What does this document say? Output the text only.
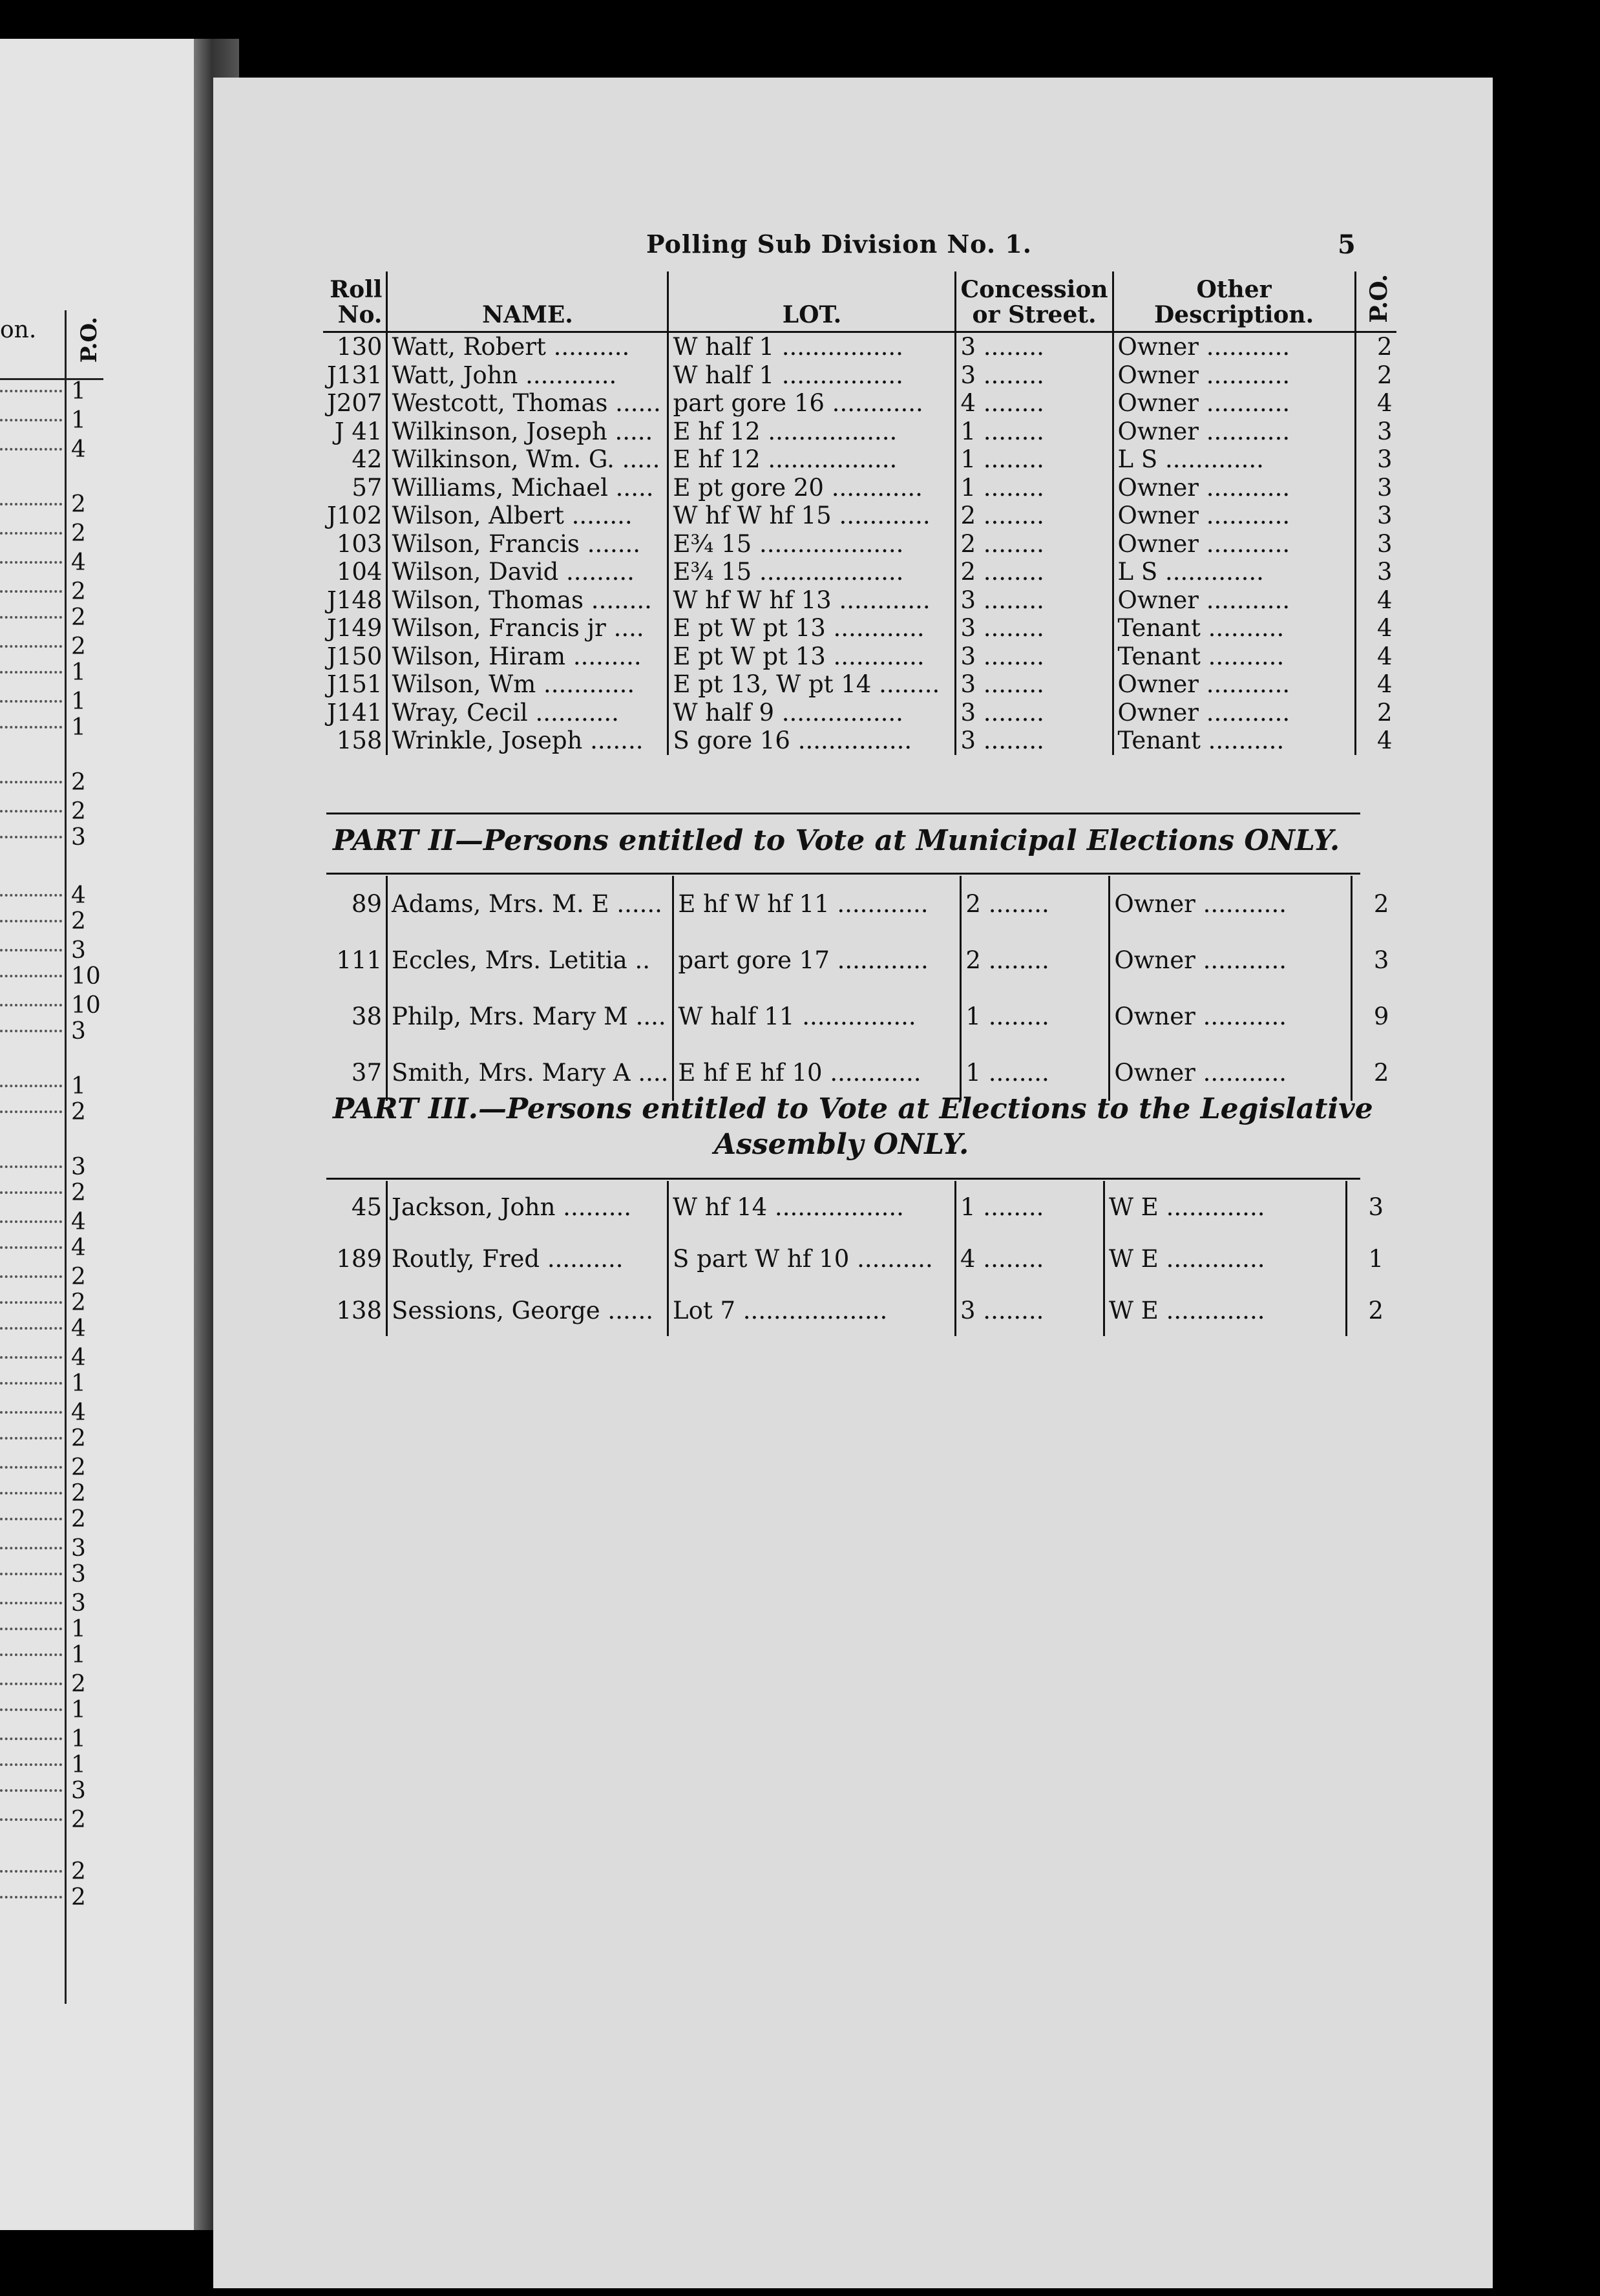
on. P.O.
1
1
4
2
2
4
2
2
2
1
1
1
2
2
3
4
2
3
10
10
3
1
2
3
2
4
4
2
2
4
4
1
4
2
2
2
2
3
3
3
1
1
2
1
1
1
3
2
2
2
Polling Sub Division No. 1.	5
Roll No.	NAME.	LOT.	Concession or Street.	Other Description.	P.O.
130	Watt, Robert ..........	W half 1 ................	3 ........	Owner ...........	2
J131	Watt, John ............	W half 1 ................	3 ........	Owner ...........	2
J207	Westcott, Thomas ......	part gore 16 ............	4 ........	Owner ...........	4
J 41	Wilkinson, Joseph .....	E hf 12 .................	1 ........	Owner ...........	3
42	Wilkinson, Wm. G. .....	E hf 12 .................	1 ........	L S .............	3
57	Williams, Michael .....	E pt gore 20 ............	1 ........	Owner ...........	3
J102	Wilson, Albert ........	W hf W hf 15 ............	2 ........	Owner ...........	3
103	Wilson, Francis .......	E¾ 15 ...................	2 ........	Owner ...........	3
104	Wilson, David .........	E¾ 15 ...................	2 ........	L S .............	3
J148	Wilson, Thomas ........	W hf W hf 13 ............	3 ........	Owner ...........	4
J149	Wilson, Francis jr ....	E pt W pt 13 ............	3 ........	Tenant ..........	4
J150	Wilson, Hiram .........	E pt W pt 13 ............	3 ........	Tenant ..........	4
J151	Wilson, Wm ............	E pt 13, W pt 14 ........	3 ........	Owner ...........	4
J141	Wray, Cecil ...........	W half 9 ................	3 ........	Owner ...........	2
158	Wrinkle, Joseph .......	S gore 16 ...............	3 ........	Tenant ..........	4
PART II—Persons entitled to Vote at Municipal Elections ONLY.
89	Adams, Mrs. M. E ......	E hf W hf 11 ............	2 ........	Owner ...........	2
111	Eccles, Mrs. Letitia ..	part gore 17 ............	2 ........	Owner ...........	3
38	Philp, Mrs. Mary M ....	W half 11 ...............	1 ........	Owner ...........	9
37	Smith, Mrs. Mary A ....	E hf E hf 10 ............	1 ........	Owner ...........	2
PART III.—Persons entitled to Vote at Elections to the Legislative
Assembly ONLY.
45	Jackson, John .........	W hf 14 .................	1 ........	W E .............	3
189	Routly, Fred ..........	S part W hf 10 ..........	4 ........	W E .............	1
138	Sessions, George ......	Lot 7 ...................	3 ........	W E .............	2
